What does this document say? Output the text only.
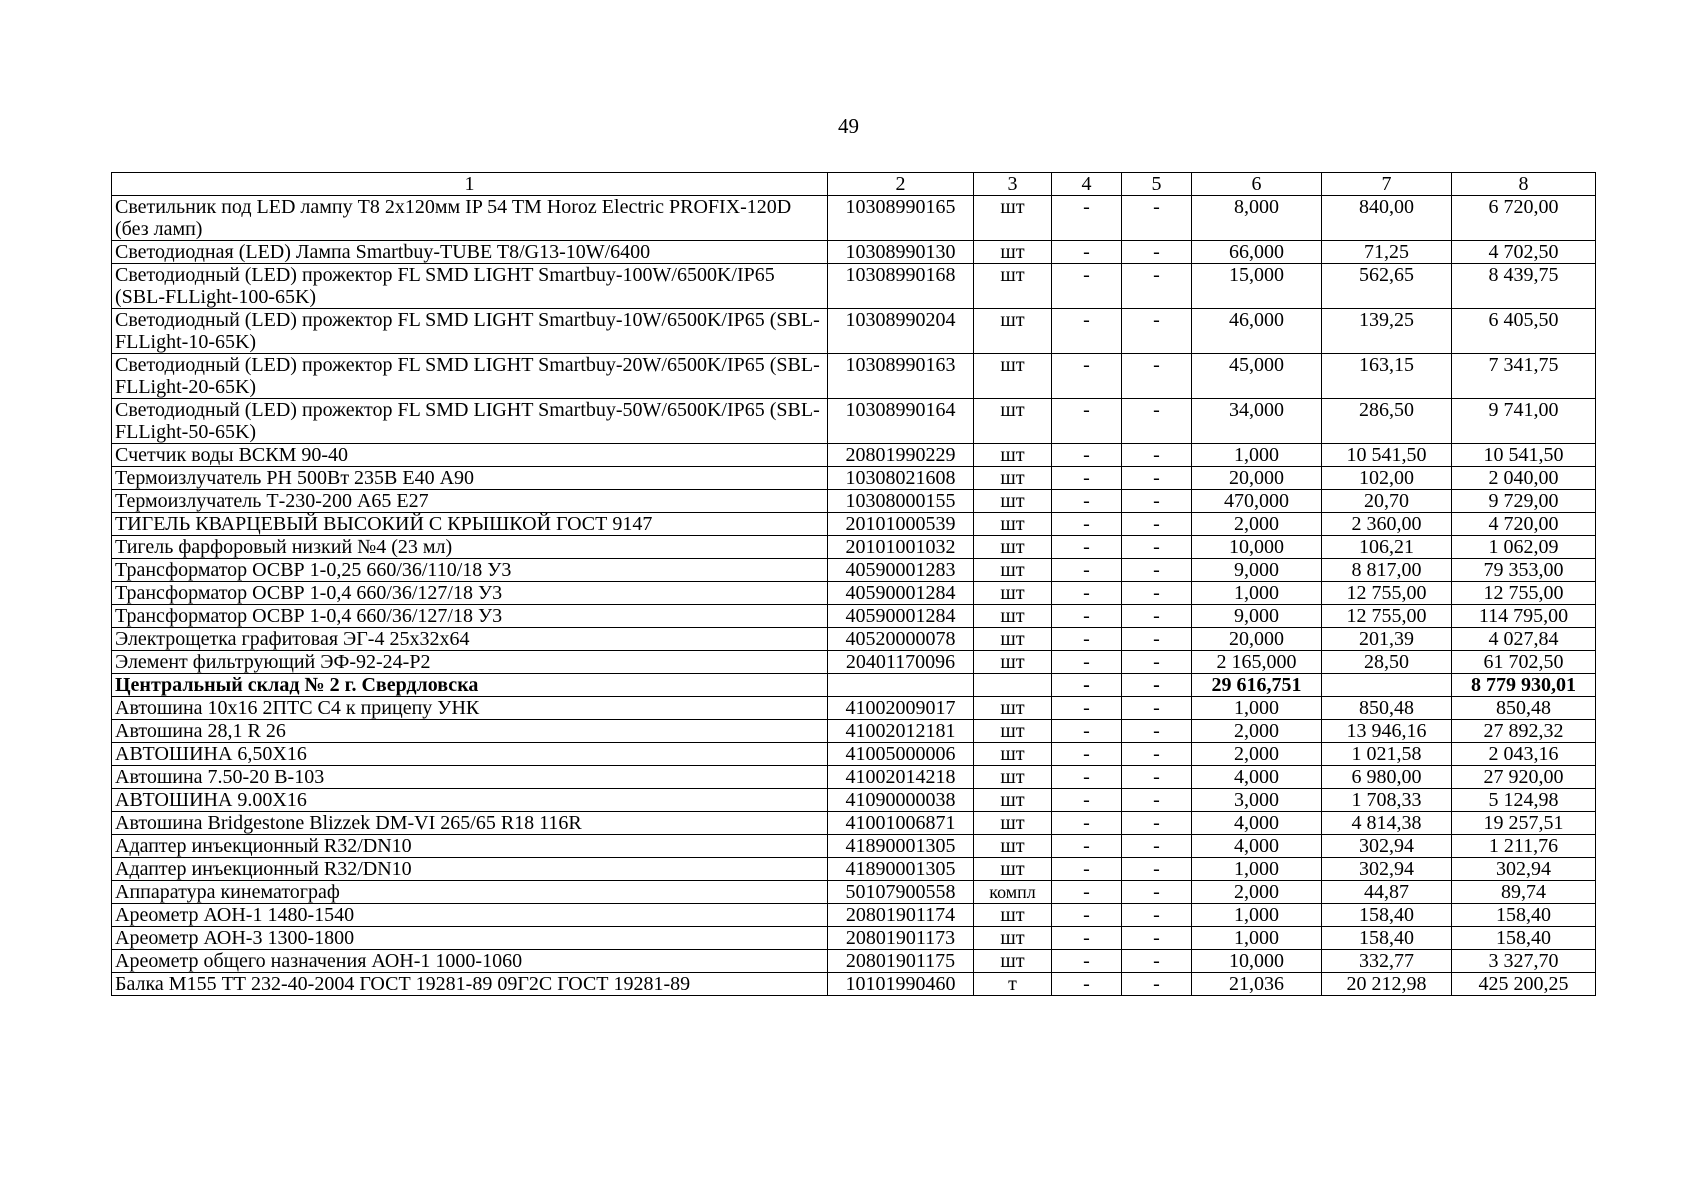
49
1	2	3	4	5	6	7	8
Светильник под LED лампу Т8 2х120мм IP 54 TM Horoz Electric PROFIX-120D (без ламп)	10308990165	шт	-	-	8,000	840,00	6 720,00
Светодиодная (LED) Лампа Smartbuy-TUBE T8/G13-10W/6400	10308990130	шт	-	-	66,000	71,25	4 702,50
Светодиодный (LED) прожектор FL SMD LIGHT Smartbuy-100W/6500K/IP65 (SBL-FLLight-100-65K)	10308990168	шт	-	-	15,000	562,65	8 439,75
Светодиодный (LED) прожектор FL SMD LIGHT Smartbuy-10W/6500K/IP65 (SBL-FLLight-10-65K)	10308990204	шт	-	-	46,000	139,25	6 405,50
Светодиодный (LED) прожектор FL SMD LIGHT Smartbuy-20W/6500K/IP65 (SBL-FLLight-20-65K)	10308990163	шт	-	-	45,000	163,15	7 341,75
Светодиодный (LED) прожектор FL SMD LIGHT Smartbuy-50W/6500K/IP65 (SBL-FLLight-50-65K)	10308990164	шт	-	-	34,000	286,50	9 741,00
Счетчик воды ВСКМ 90-40	20801990229	шт	-	-	1,000	10 541,50	10 541,50
Термоизлучатель РН 500Вт 235В Е40 А90	10308021608	шт	-	-	20,000	102,00	2 040,00
Термоизлучатель Т-230-200 А65 Е27	10308000155	шт	-	-	470,000	20,70	9 729,00
ТИГЕЛЬ КВАРЦЕВЫЙ ВЫСОКИЙ С КРЫШКОЙ ГОСТ 9147	20101000539	шт	-	-	2,000	2 360,00	4 720,00
Тигель фарфоровый низкий №4 (23 мл)	20101001032	шт	-	-	10,000	106,21	1 062,09
Трансформатор ОСВР 1-0,25 660/36/110/18 У3	40590001283	шт	-	-	9,000	8 817,00	79 353,00
Трансформатор ОСВР 1-0,4 660/36/127/18 У3	40590001284	шт	-	-	1,000	12 755,00	12 755,00
Трансформатор ОСВР 1-0,4 660/36/127/18 У3	40590001284	шт	-	-	9,000	12 755,00	114 795,00
Электрощетка графитовая ЭГ-4 25х32х64	40520000078	шт	-	-	20,000	201,39	4 027,84
Элемент фильтрующий ЭФ-92-24-Р2	20401170096	шт	-	-	2 165,000	28,50	61 702,50
Центральный склад № 2 г. Свердловска			-	-	29 616,751		8 779 930,01
Автошина 10х16 2ПТС С4 к прицепу УНК	41002009017	шт	-	-	1,000	850,48	850,48
Автошина 28,1 R 26	41002012181	шт	-	-	2,000	13 946,16	27 892,32
АВТОШИНА 6,50Х16	41005000006	шт	-	-	2,000	1 021,58	2 043,16
Автошина 7.50-20 В-103	41002014218	шт	-	-	4,000	6 980,00	27 920,00
АВТОШИНА 9.00Х16	41090000038	шт	-	-	3,000	1 708,33	5 124,98
Автошина Bridgestone Blizzek DM-VI 265/65 R18 116R	41001006871	шт	-	-	4,000	4 814,38	19 257,51
Адаптер инъекционный R32/DN10	41890001305	шт	-	-	4,000	302,94	1 211,76
Адаптер инъекционный R32/DN10	41890001305	шт	-	-	1,000	302,94	302,94
Аппаратура кинематограф	50107900558	компл	-	-	2,000	44,87	89,74
Ареометр АОН-1 1480-1540	20801901174	шт	-	-	1,000	158,40	158,40
Ареометр АОН-3 1300-1800	20801901173	шт	-	-	1,000	158,40	158,40
Ареометр общего назначения АОН-1 1000-1060	20801901175	шт	-	-	10,000	332,77	3 327,70
Балка М155 ТТ 232-40-2004 ГОСТ 19281-89 09Г2С ГОСТ 19281-89	10101990460	т	-	-	21,036	20 212,98	425 200,25
